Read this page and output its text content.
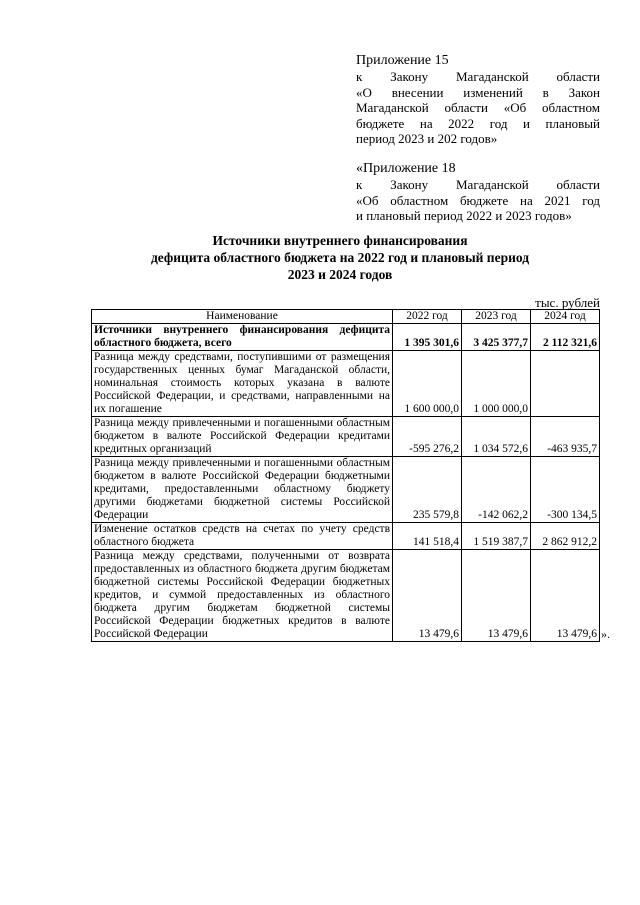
Приложение 15
к Закону Магаданской области
«О внесении изменений в Закон
Магаданской области «Об областном
бюджете на 2022 год и плановый
период 2023 и 202 годов»
«Приложение 18
к Закону Магаданской области
«Об областном бюджете на 2021 год
и плановый период 2022 и 2023 годов»
Источники внутреннего финансирования
дефицита областного бюджета на 2022 год и плановый период
2023 и 2024 годов
тыс. рублей
Наименование	2022 год	2023 год	2024 год
Источники внутреннего финансирования дефицита областного бюджета, всего	1 395 301,6	3 425 377,7	2 112 321,6
Разница между средствами, поступившими от размещения государственных ценных бумаг Магаданской области, номинальная стоимость которых указана в валюте Российской Федерации, и средствами, направленными на их погашение	1 600 000,0	1 000 000,0	
Разница между привлеченными и погашенными областным бюджетом в валюте Российской Федерации кредитами кредитных организаций	-595 276,2	1 034 572,6	-463 935,7
Разница между привлеченными и погашенными областным бюджетом в валюте Российской Федерации бюджетными кредитами, предоставленными областному бюджету другими бюджетами бюджетной системы Российской Федерации	235 579,8	-142 062,2	-300 134,5
Изменение остатков средств на счетах по учету средств областного бюджета	141 518,4	1 519 387,7	2 862 912,2
Разница между средствами, полученными от возврата предоставленных из областного бюджета другим бюджетам бюджетной системы Российской Федерации бюджетных кредитов, и суммой предоставленных из областного бюджета другим бюджетам бюджетной системы Российской Федерации бюджетных кредитов в валюте Российской Федерации	13 479,6	13 479,6	13 479,6 ».
